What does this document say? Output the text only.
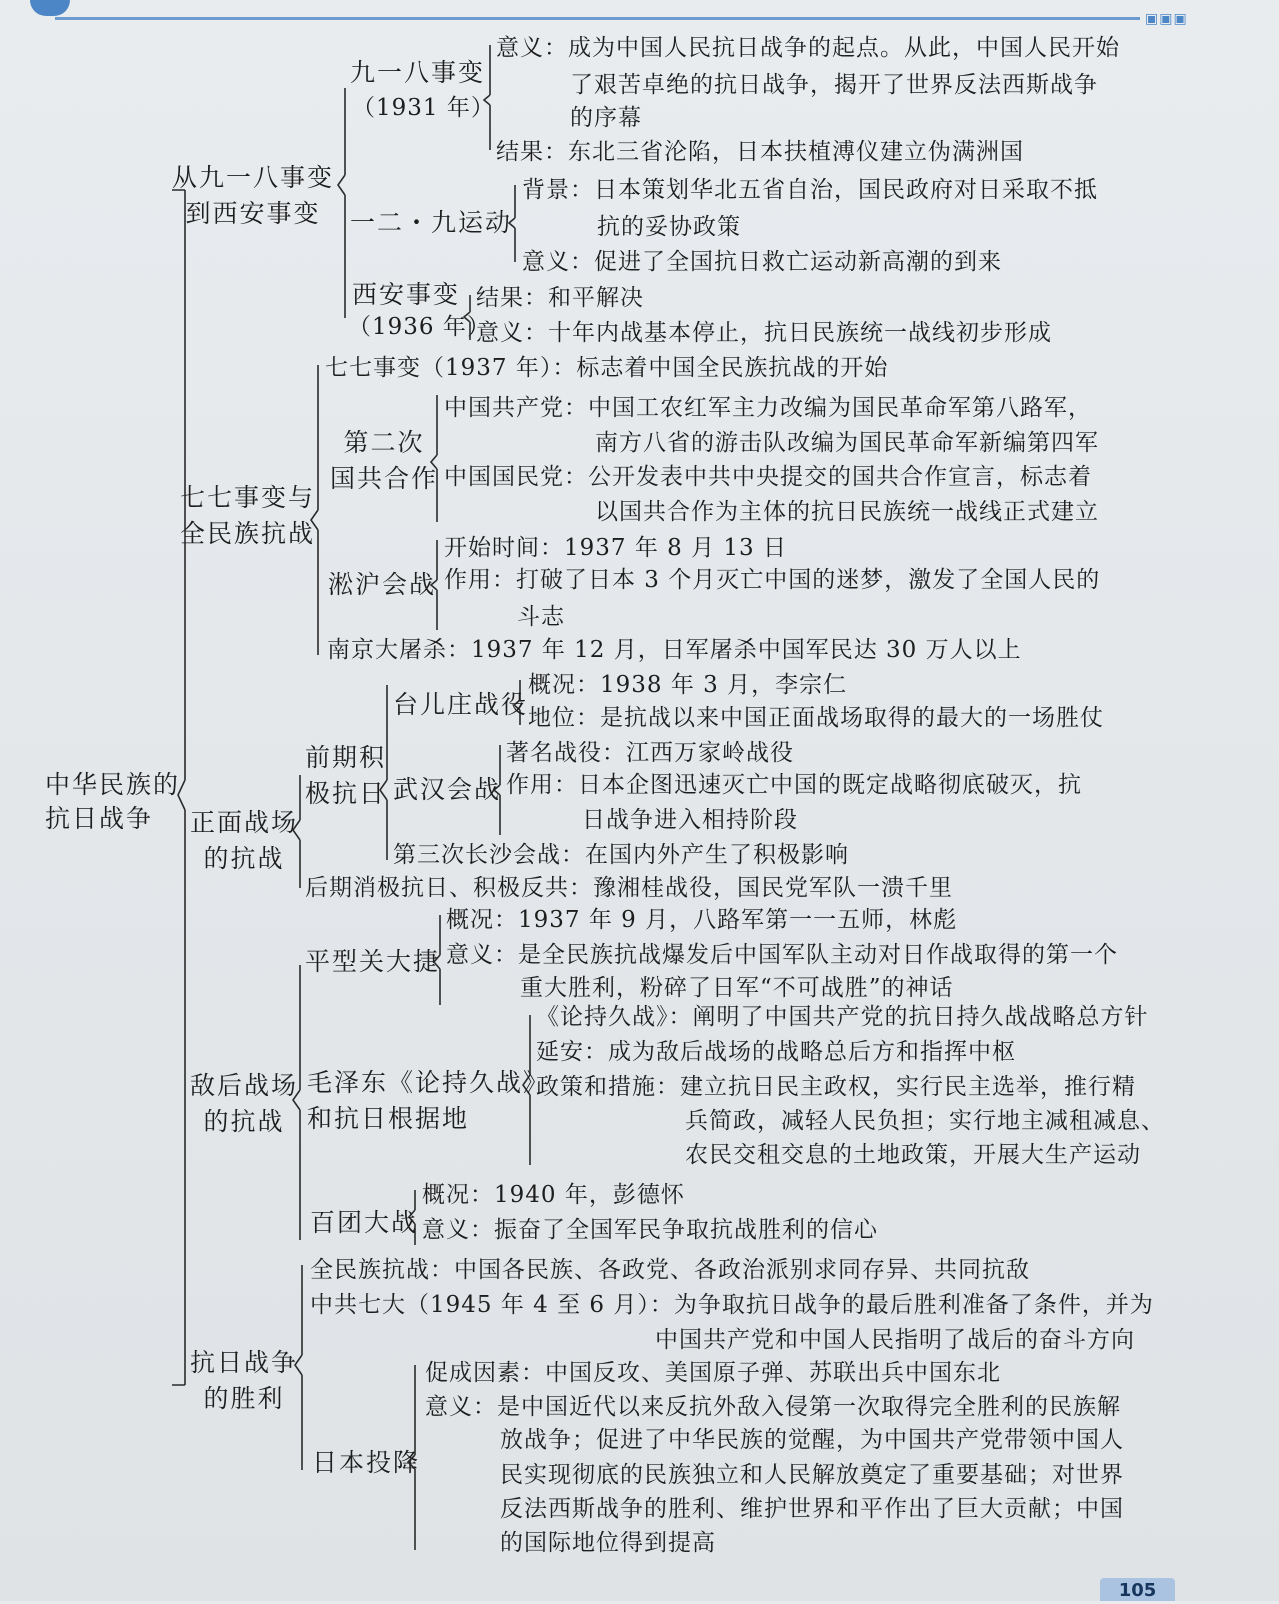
▣▣▣
中华民族的
抗日战争
从九一八事变
到西安事变
九一八事变
（1931 年）
意义：成为中国人民抗日战争的起点。从此，中国人民开始
了艰苦卓绝的抗日战争，揭开了世界反法西斯战争
的序幕
结果：东北三省沦陷，日本扶植溥仪建立伪满洲国
一二・九运动
背景：日本策划华北五省自治，国民政府对日采取不抵
抗的妥协政策
意义：促进了全国抗日救亡运动新高潮的到来
西安事变
（1936 年）
结果：和平解决
意义：十年内战基本停止，抗日民族统一战线初步形成
七七事变与
全民族抗战
七七事变（1937 年）：标志着中国全民族抗战的开始
第二次
国共合作
中国共产党：中国工农红军主力改编为国民革命军第八路军，
南方八省的游击队改编为国民革命军新编第四军
中国国民党：公开发表中共中央提交的国共合作宣言，标志着
以国共合作为主体的抗日民族统一战线正式建立
淞沪会战
开始时间：1937 年 8 月 13 日
作用：打破了日本 3 个月灭亡中国的迷梦，激发了全国人民的
斗志
南京大屠杀：1937 年 12 月，日军屠杀中国军民达 30 万人以上
正面战场
的抗战
前期积
极抗日
台儿庄战役
概况：1938 年 3 月，李宗仁
地位：是抗战以来中国正面战场取得的最大的一场胜仗
武汉会战
著名战役：江西万家岭战役
作用：日本企图迅速灭亡中国的既定战略彻底破灭，抗
日战争进入相持阶段
第三次长沙会战：在国内外产生了积极影响
后期消极抗日、积极反共：豫湘桂战役，国民党军队一溃千里
敌后战场
的抗战
平型关大捷
概况：1937 年 9 月，八路军第一一五师，林彪
意义：是全民族抗战爆发后中国军队主动对日作战取得的第一个
重大胜利，粉碎了日军“不可战胜”的神话
毛泽东《论持久战》
和抗日根据地
《论持久战》：阐明了中国共产党的抗日持久战战略总方针
延安：成为敌后战场的战略总后方和指挥中枢
政策和措施：建立抗日民主政权，实行民主选举，推行精
兵简政，减轻人民负担；实行地主减租减息、
农民交租交息的土地政策，开展大生产运动
百团大战
概况：1940 年，彭德怀
意义：振奋了全国军民争取抗战胜利的信心
抗日战争
的胜利
全民族抗战：中国各民族、各政党、各政治派别求同存异、共同抗敌
中共七大（1945 年 4 至 6 月）：为争取抗日战争的最后胜利准备了条件，并为
中国共产党和中国人民指明了战后的奋斗方向
日本投降
促成因素：中国反攻、美国原子弹、苏联出兵中国东北
意义：是中国近代以来反抗外敌入侵第一次取得完全胜利的民族解
放战争；促进了中华民族的觉醒，为中国共产党带领中国人
民实现彻底的民族独立和人民解放奠定了重要基础；对世界
反法西斯战争的胜利、维护世界和平作出了巨大贡献；中国
的国际地位得到提高
105
